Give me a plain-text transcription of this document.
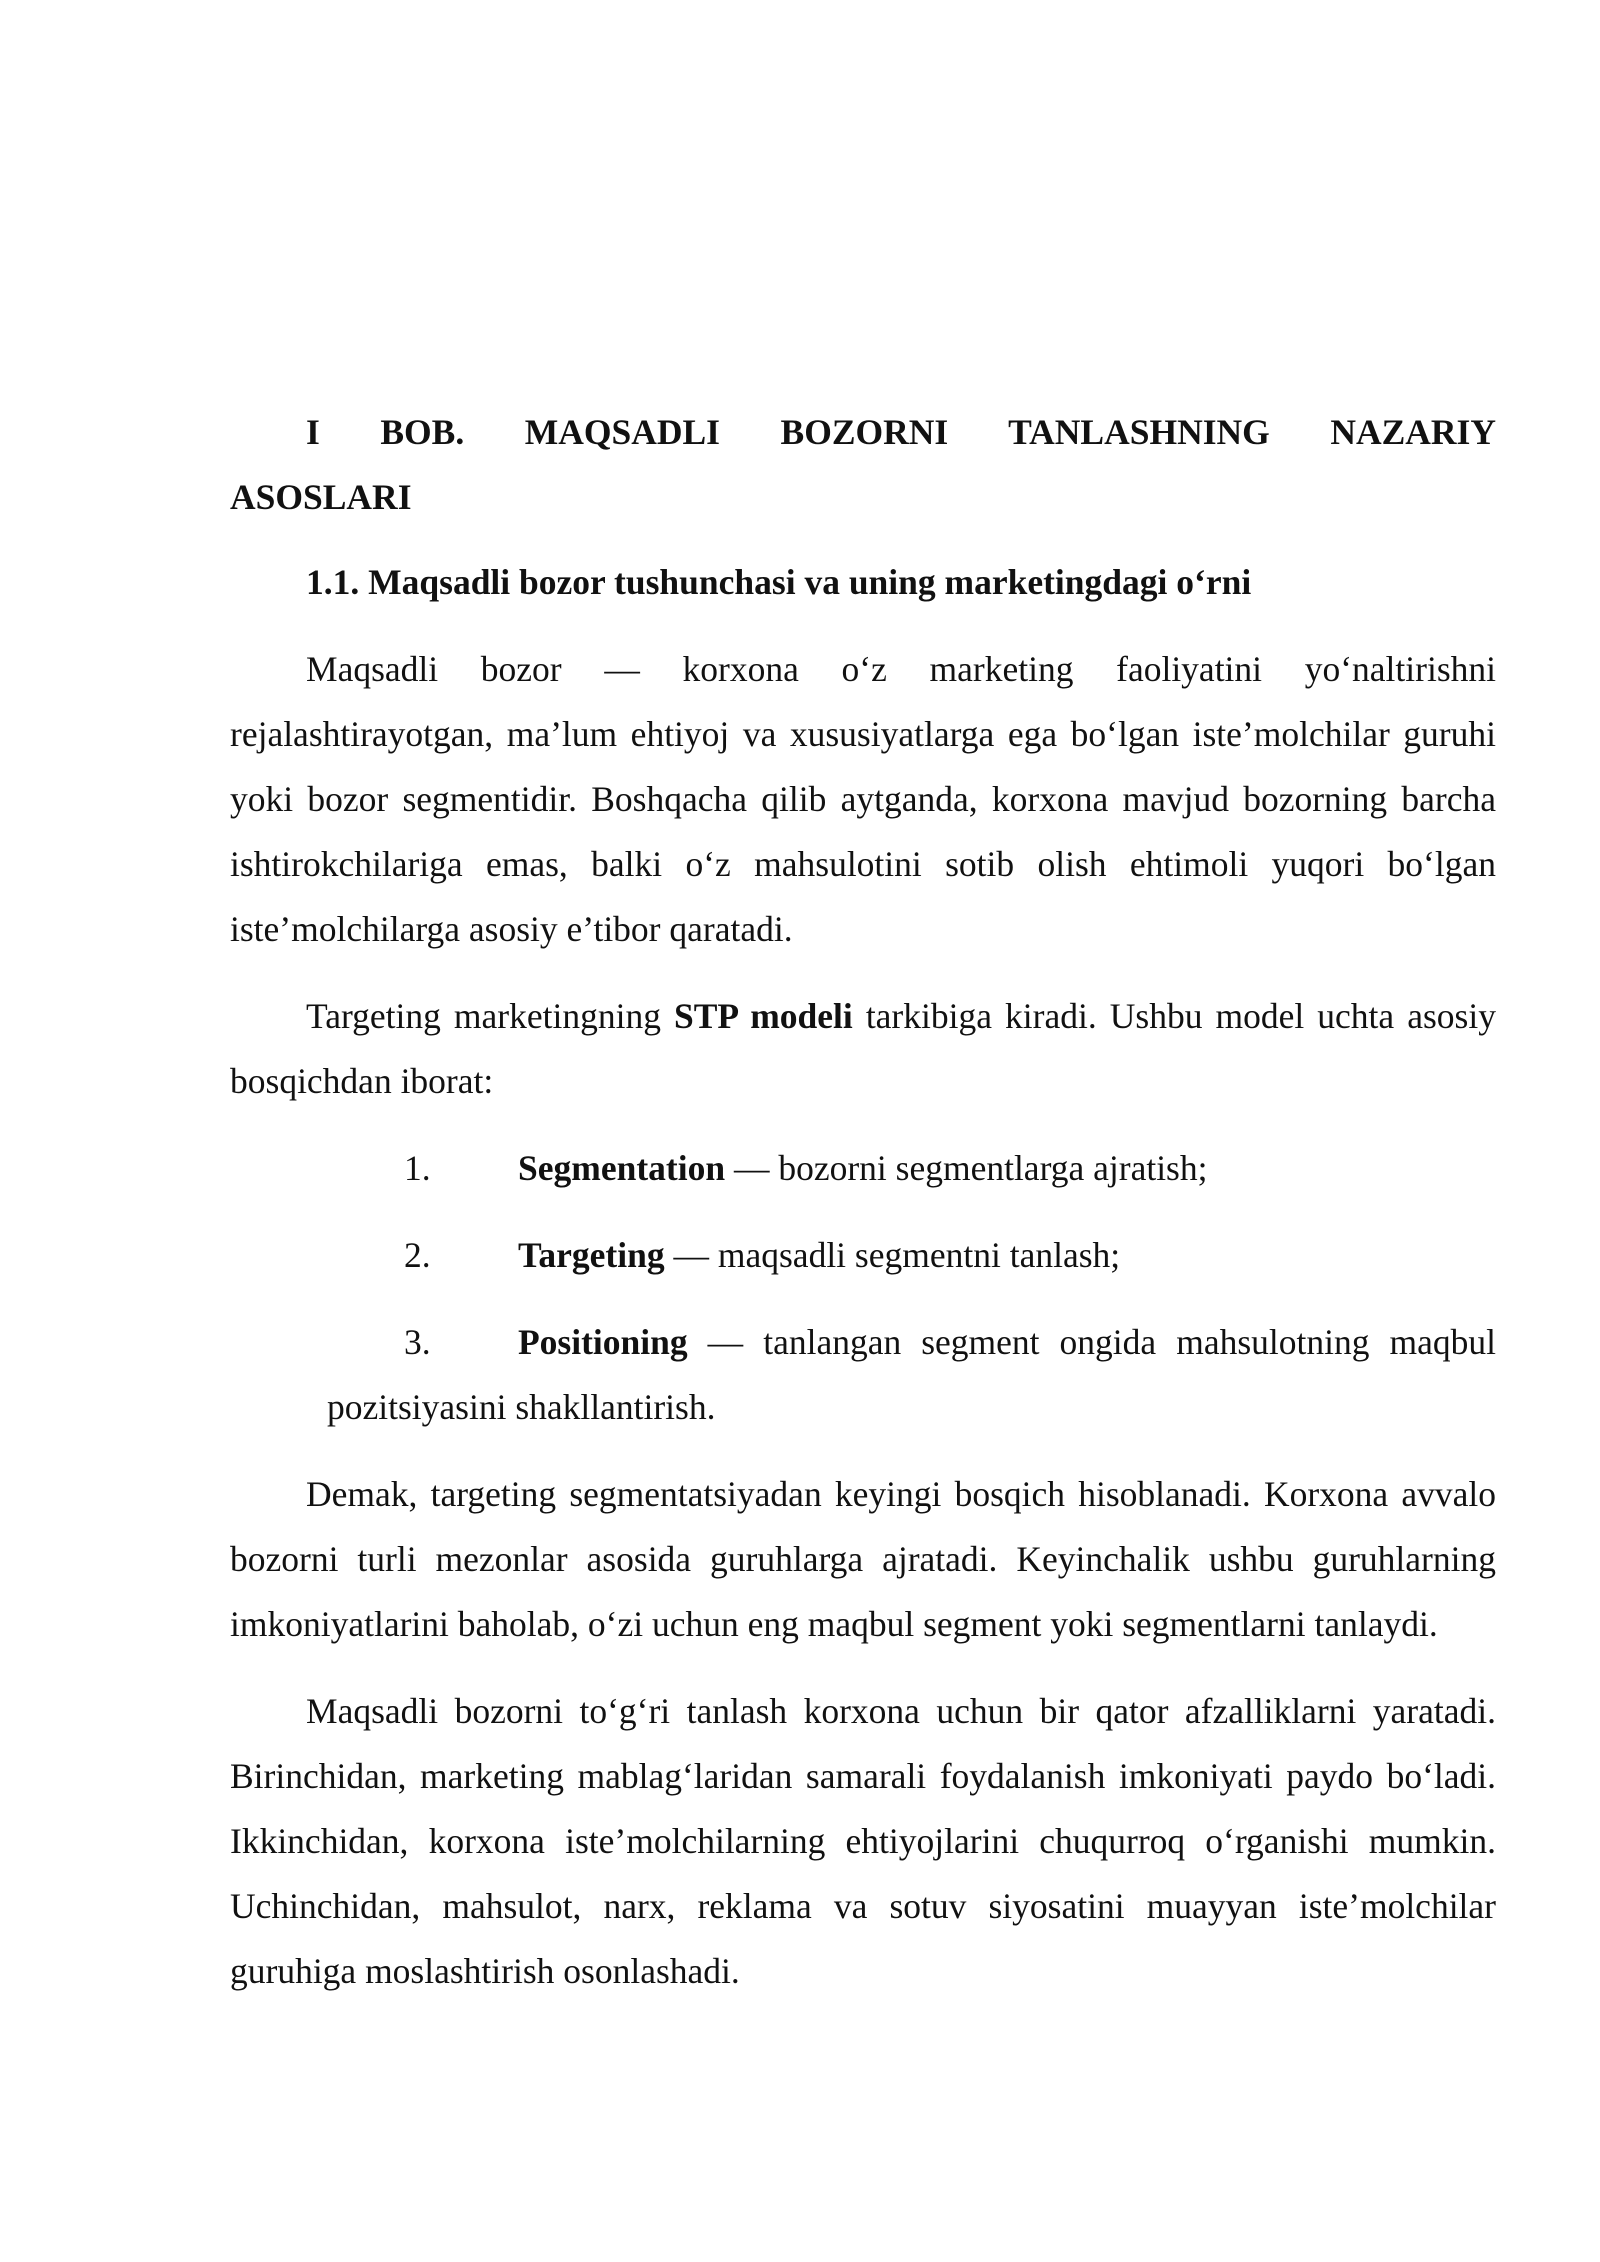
I BOB. MAQSADLI BOZORNI TANLASHNING NAZARIY
ASOSLARI
1.1. Maqsadli bozor tushunchasi va uning marketingdagi o‘rni

Maqsadli bozor — korxona o‘z marketing faoliyatini yo‘naltirishni rejalashtirayotgan, ma’lum ehtiyoj va xususiyatlarga ega bo‘lgan iste’molchilar guruhi yoki bozor segmentidir. Boshqacha qilib aytganda, korxona mavjud bozorning barcha ishtirokchilariga emas, balki o‘z mahsulotini sotib olish ehtimoli yuqori bo‘lgan iste’molchilarga asosiy e’tibor qaratadi.

Targeting marketingning STP modeli tarkibiga kiradi. Ushbu model uchta asosiy bosqichdan iborat:

1. Segmentation — bozorni segmentlarga ajratish;
2. Targeting — maqsadli segmentni tanlash;
3. Positioning — tanlangan segment ongida mahsulotning maqbul
pozitsiyasini shakllantirish.

Demak, targeting segmentatsiyadan keyingi bosqich hisoblanadi. Korxona avvalo bozorni turli mezonlar asosida guruhlarga ajratadi. Keyinchalik ushbu guruhlarning imkoniyatlarini baholab, o‘zi uchun eng maqbul segment yoki segmentlarni tanlaydi.

Maqsadli bozorni to‘g‘ri tanlash korxona uchun bir qator afzalliklarni yaratadi. Birinchidan, marketing mablag‘laridan samarali foydalanish imkoniyati paydo bo‘ladi. Ikkinchidan, korxona iste’molchilarning ehtiyojlarini chuqurroq o‘rganishi mumkin. Uchinchidan, mahsulot, narx, reklama va sotuv siyosatini muayyan iste’molchilar guruhiga moslashtirish osonlashadi.
